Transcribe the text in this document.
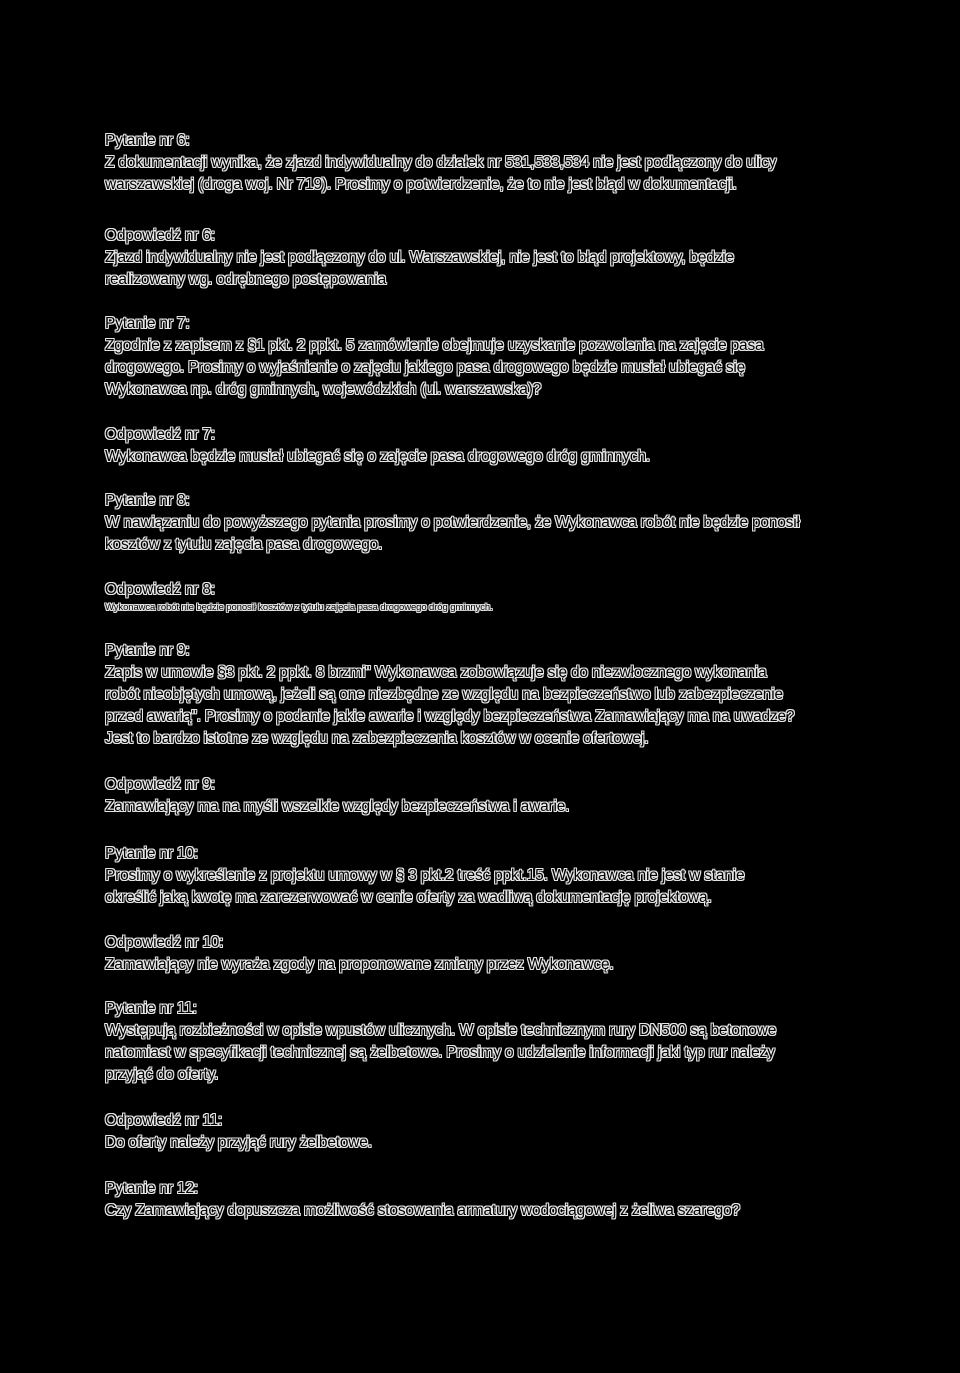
Pytanie nr 6:
Z dokumentacji wynika, że zjazd indywidualny do działek nr 531,533,534 nie jest podłączony do ulicy
warszawskiej (droga woj. Nr 719). Prosimy o potwierdzenie, że to nie jest błąd w dokumentacji.
Odpowiedź nr 6:
Zjazd indywidualny nie jest podłączony do ul. Warszawskiej, nie jest to błąd projektowy, będzie
realizowany wg. odrębnego postępowania
Pytanie nr 7:
Zgodnie z zapisem z §1 pkt. 2 ppkt. 5 zamówienie obejmuje uzyskanie pozwolenia na zajęcie pasa
drogowego. Prosimy o wyjaśnienie o zajęciu jakiego pasa drogowego będzie musiał ubiegać się
Wykonawca np. dróg gminnych, wojewódzkich (ul. warszawska)?
Odpowiedź nr 7:
Wykonawca będzie musiał ubiegać się o zajęcie pasa drogowego dróg gminnych.
Pytanie nr 8:
W nawiązaniu do powyższego pytania prosimy o potwierdzenie, że Wykonawca robót nie będzie ponosił
kosztów z tytułu zajęcia pasa drogowego.
Odpowiedź nr 8:
Wykonawca robót nie będzie ponosił kosztów z tytułu zajęcia pasa drogowego dróg gminnych.
Pytanie nr 9:
Zapis w umowie §3 pkt. 2 ppkt. 8 brzmi" Wykonawca zobowiązuje się do niezwłocznego wykonania
robót nieobjętych umową, jeżeli są one niezbędne ze względu na bezpieczeństwo lub zabezpieczenie
przed awarią". Prosimy o podanie jakie awarie i względy bezpieczeństwa Zamawiający ma na uwadze?
Jest to bardzo istotne ze względu na zabezpieczenia kosztów w ocenie ofertowej.
Odpowiedź nr 9:
Zamawiający ma na myśli wszelkie względy bezpieczeństwa i awarie.
Pytanie nr 10:
Prosimy o wykreślenie z projektu umowy w § 3 pkt.2 treść ppkt.15. Wykonawca nie jest w stanie
określić jaką kwotę ma zarezerwować w cenie oferty za wadliwą dokumentację projektową.
Odpowiedź nr 10:
Zamawiający nie wyraża zgody na proponowane zmiany przez Wykonawcę.
Pytanie nr 11:
Występują rozbieżności w opisie wpustów ulicznych. W opisie technicznym rury DN500 są betonowe
natomiast w specyfikacji technicznej są żelbetowe. Prosimy o udzielenie informacji jaki typ rur należy
przyjąć do oferty.
Odpowiedź nr 11:
Do oferty należy przyjąć rury żelbetowe.
Pytanie nr 12:
Czy Zamawiający dopuszcza możliwość stosowania armatury wodociągowej z żeliwa szarego?
